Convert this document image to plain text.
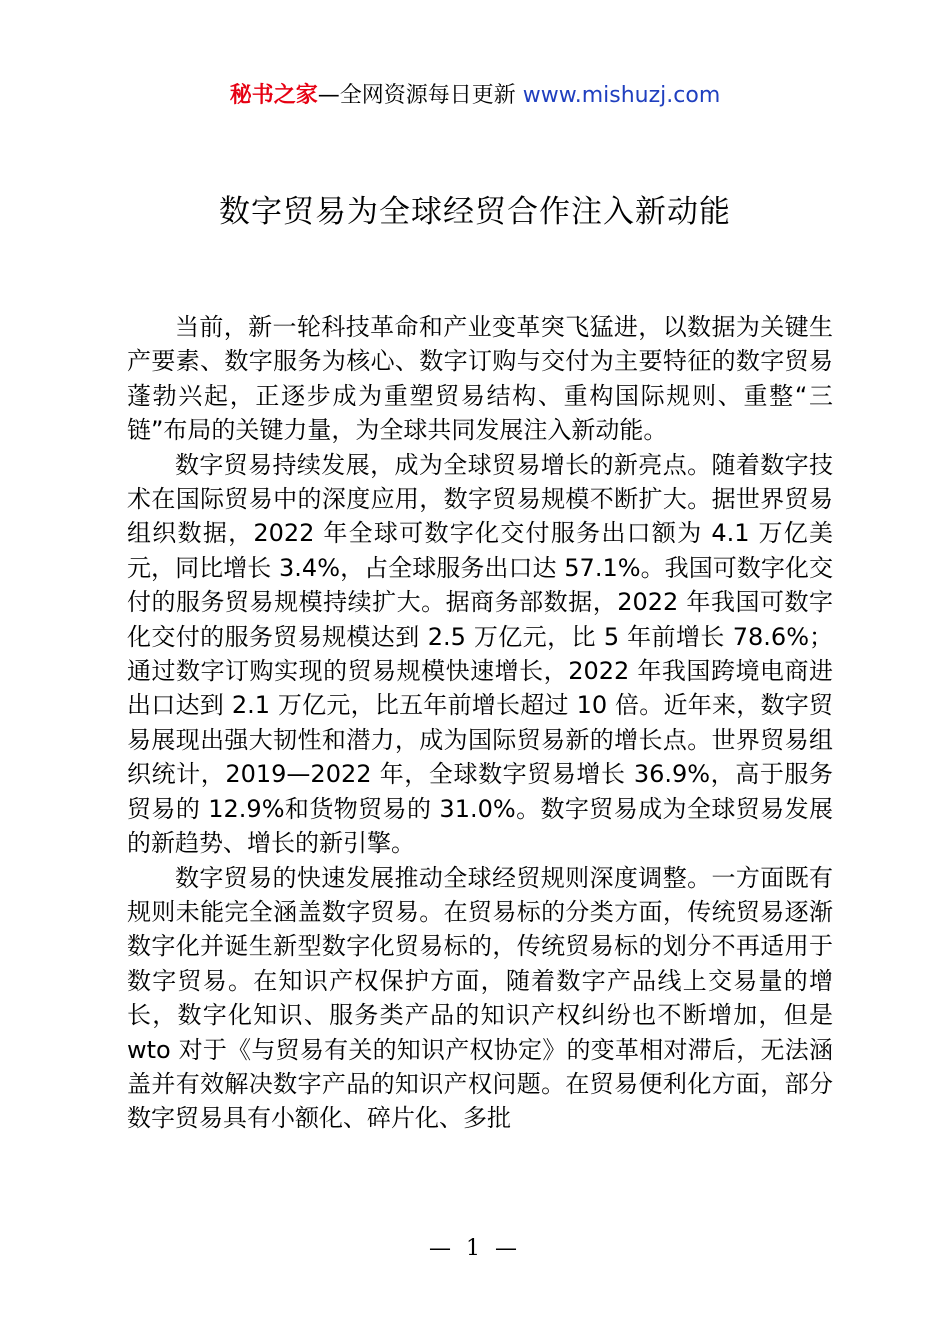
秘书之家—全网资源每日更新 www.mishuzj.com
数字贸易为全球经贸合作注入新动能

当前，新一轮科技革命和产业变革突飞猛进，以数据为关键生产要素、数字服务为核心、数字订购与交付为主要特征的数字贸易蓬勃兴起，正逐步成为重塑贸易结构、重构国际规则、重整“三链”布局的关键力量，为全球共同发展注入新动能。

数字贸易持续发展，成为全球贸易增长的新亮点。随着数字技术在国际贸易中的深度应用，数字贸易规模不断扩大。据世界贸易组织数据，2022 年全球可数字化交付服务出口额为 4.1 万亿美元，同比增长 3.4%，占全球服务出口达 57.1%。我国可数字化交付的服务贸易规模持续扩大。据商务部数据，2022 年我国可数字化交付的服务贸易规模达到 2.5 万亿元，比 5 年前增长 78.6%；通过数字订购实现的贸易规模快速增长，2022 年我国跨境电商进出口达到 2.1 万亿元，比五年前增长超过 10 倍。近年来，数字贸易展现出强大韧性和潜力，成为国际贸易新的增长点。世界贸易组织统计，2019—2022 年，全球数字贸易增长 36.9%，高于服务贸易的 12.9%和货物贸易的 31.0%。数字贸易成为全球贸易发展的新趋势、增长的新引擎。

数字贸易的快速发展推动全球经贸规则深度调整。一方面既有规则未能完全涵盖数字贸易。在贸易标的分类方面，传统贸易逐渐数字化并诞生新型数字化贸易标的，传统贸易标的划分不再适用于数字贸易。在知识产权保护方面，随着数字产品线上交易量的增长，数字化知识、服务类产品的知识产权纠纷也不断增加，但是 wto 对于《与贸易有关的知识产权协定》的变革相对滞后，无法涵盖并有效解决数字产品的知识产权问题。在贸易便利化方面，部分数字贸易具有小额化、碎片化、多批

— 1 —
